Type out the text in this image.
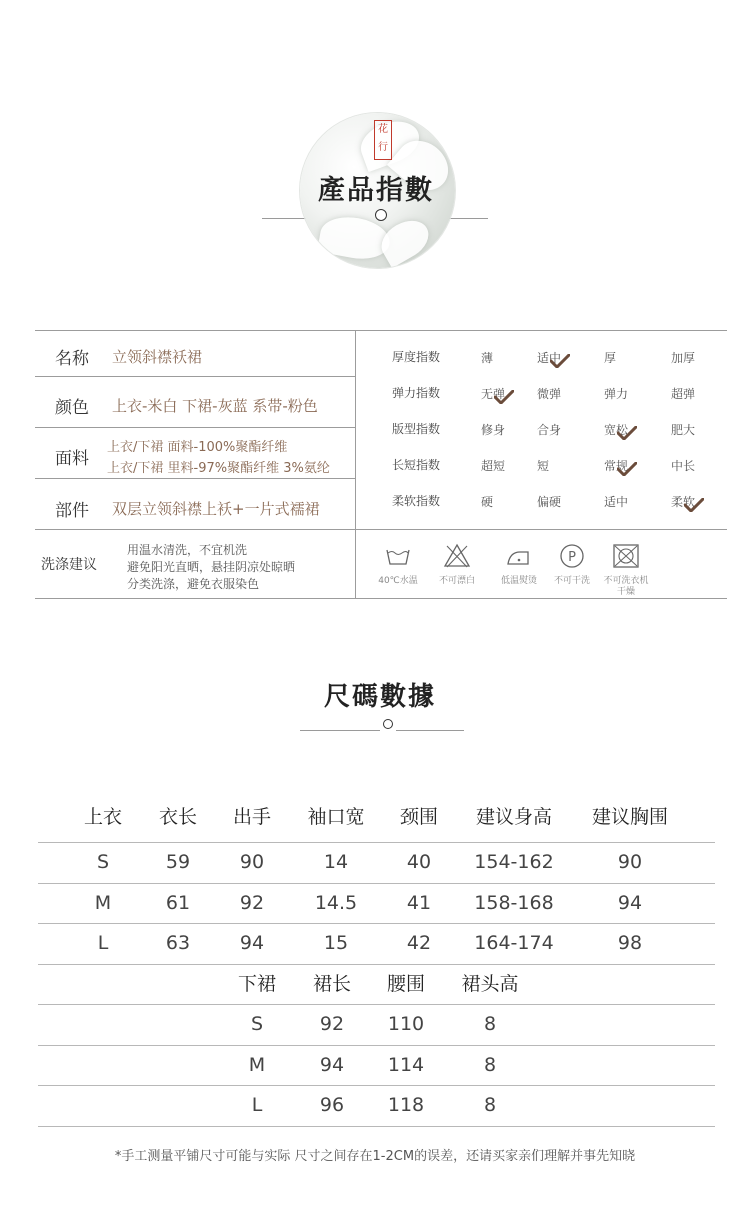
花行
產品指數
名称 立领斜襟袄裙
颜色 上衣-米白 下裙-灰蓝 系带-粉色
面料
上衣/下裙 面料-100%聚酯纤维
上衣/下裙 里料-97%聚酯纤维 3%氨纶
部件 双层立领斜襟上袄+一片式襦裙
洗涤建议
用温水清洗，不宜机洗
避免阳光直晒，悬挂阴凉处晾晒
分类洗涤，避免衣服染色
厚度指数	薄	适中	厚	加厚
弹力指数	无弹	微弹	弹力	超弹
版型指数	修身	合身	宽松	肥大
长短指数	超短	短	常规	中长
柔软指数	硬	偏硬	适中	柔软
40℃水温	不可漂白	低温熨烫
P
不可干洗	不可洗衣机干燥
尺碼數據
上衣	衣长	出手	袖口宽	颈围	建议身高	建议胸围
S	59	90	14	40	154-162	90
M	61	92	14.5	41	158-168	94
L	63	94	15	42	164-174	98
下裙	裙长	腰围	裙头高
S	92	110	8
M	94	114	8
L	96	118	8
*手工测量平铺尺寸可能与实际 尺寸之间存在1-2CM的误差，还请买家亲们理解并事先知晓
